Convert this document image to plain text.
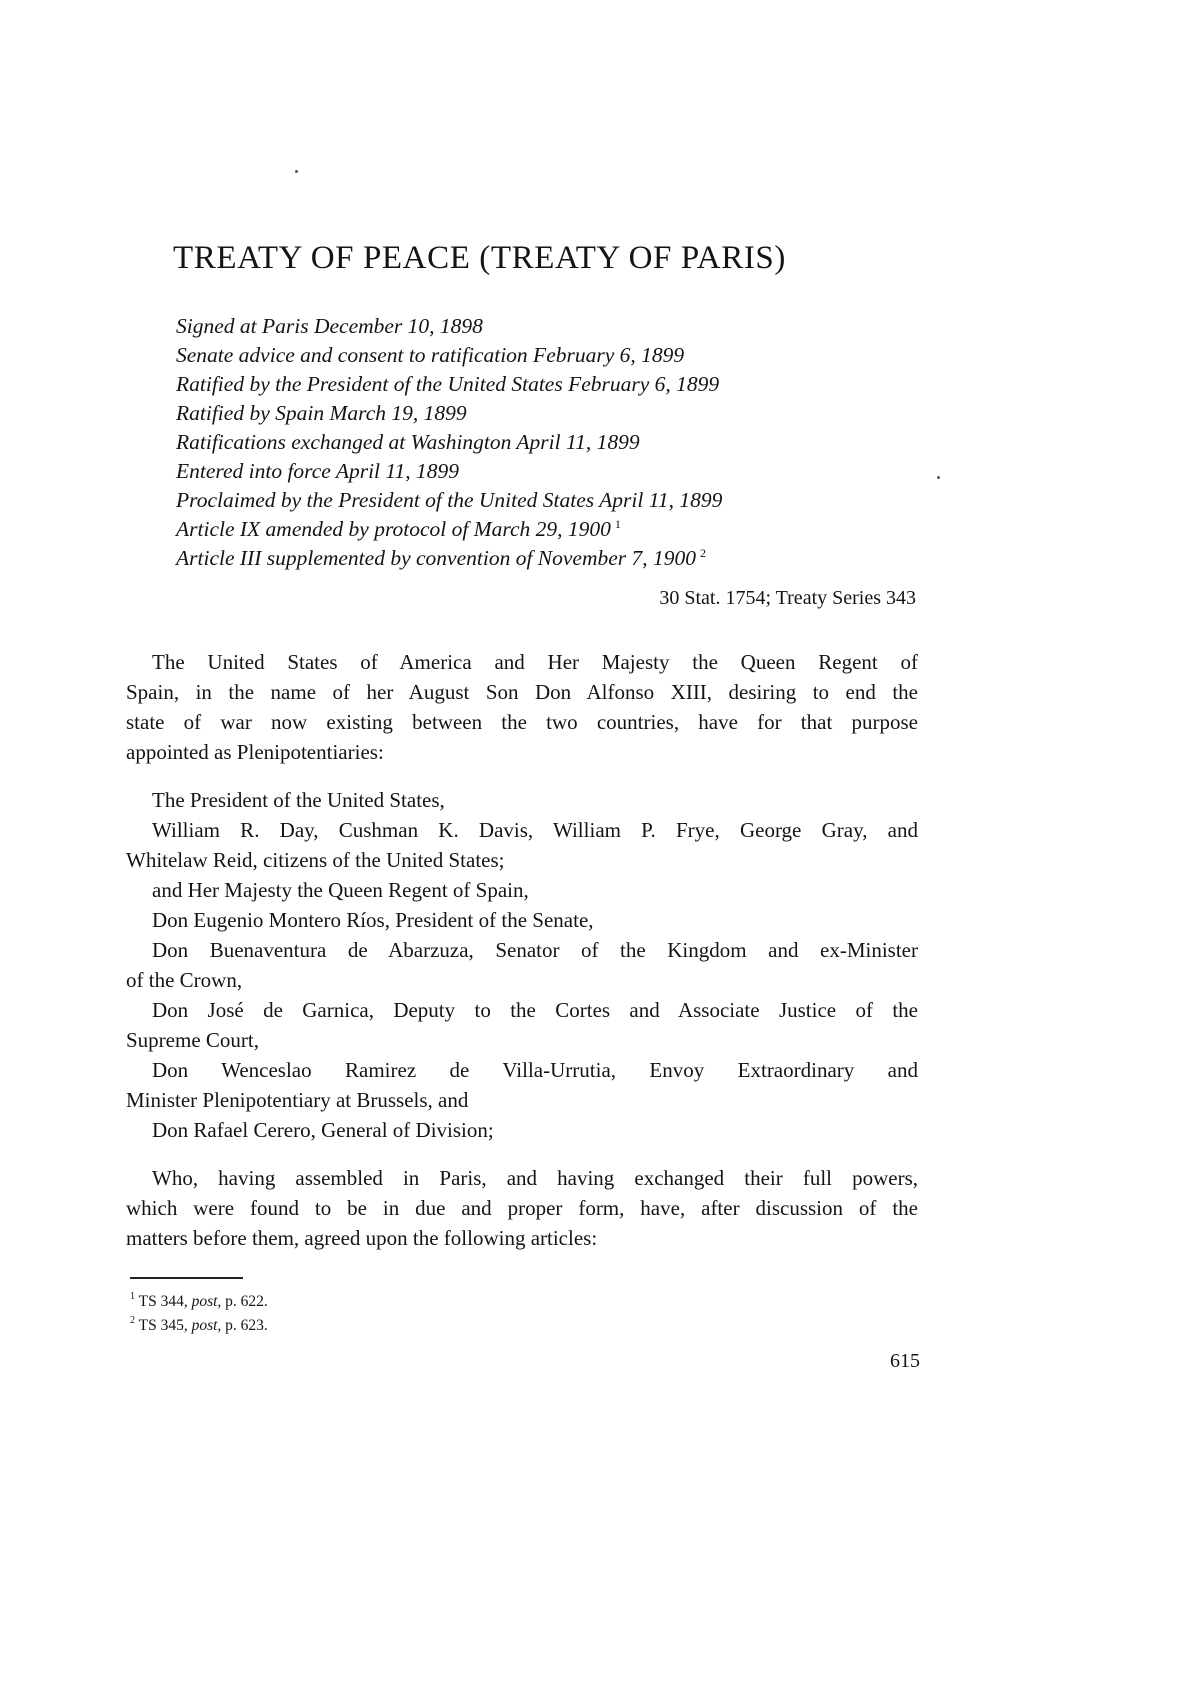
TREATY OF PEACE (TREATY OF PARIS)
Signed at Paris December 10, 1898
Senate advice and consent to ratification February 6, 1899
Ratified by the President of the United States February 6, 1899
Ratified by Spain March 19, 1899
Ratifications exchanged at Washington April 11, 1899
Entered into force April 11, 1899
Proclaimed by the President of the United States April 11, 1899
Article IX amended by protocol of March 29, 1900 $^1$
Article III supplemented by convention of November 7, 1900 $^2$
30 Stat. 1754; Treaty Series 343
The United States of America and Her Majesty the Queen Regent of
Spain, in the name of her August Son Don Alfonso XIII, desiring to end the
state of war now existing between the two countries, have for that purpose
appointed as Plenipotentiaries:
The President of the United States,
William R. Day, Cushman K. Davis, William P. Frye, George Gray, and
Whitelaw Reid, citizens of the United States;
and Her Majesty the Queen Regent of Spain,
Don Eugenio Montero Ríos, President of the Senate,
Don Buenaventura de Abarzuza, Senator of the Kingdom and ex-Minister
of the Crown,
Don José de Garnica, Deputy to the Cortes and Associate Justice of the
Supreme Court,
Don Wenceslao Ramirez de Villa-Urrutia, Envoy Extraordinary and
Minister Plenipotentiary at Brussels, and
Don Rafael Cerero, General of Division;
Who, having assembled in Paris, and having exchanged their full powers,
which were found to be in due and proper form, have, after discussion of the
matters before them, agreed upon the following articles:
$^1$ TS 344, post, p. 622.
$^2$ TS 345, post, p. 623.
615
